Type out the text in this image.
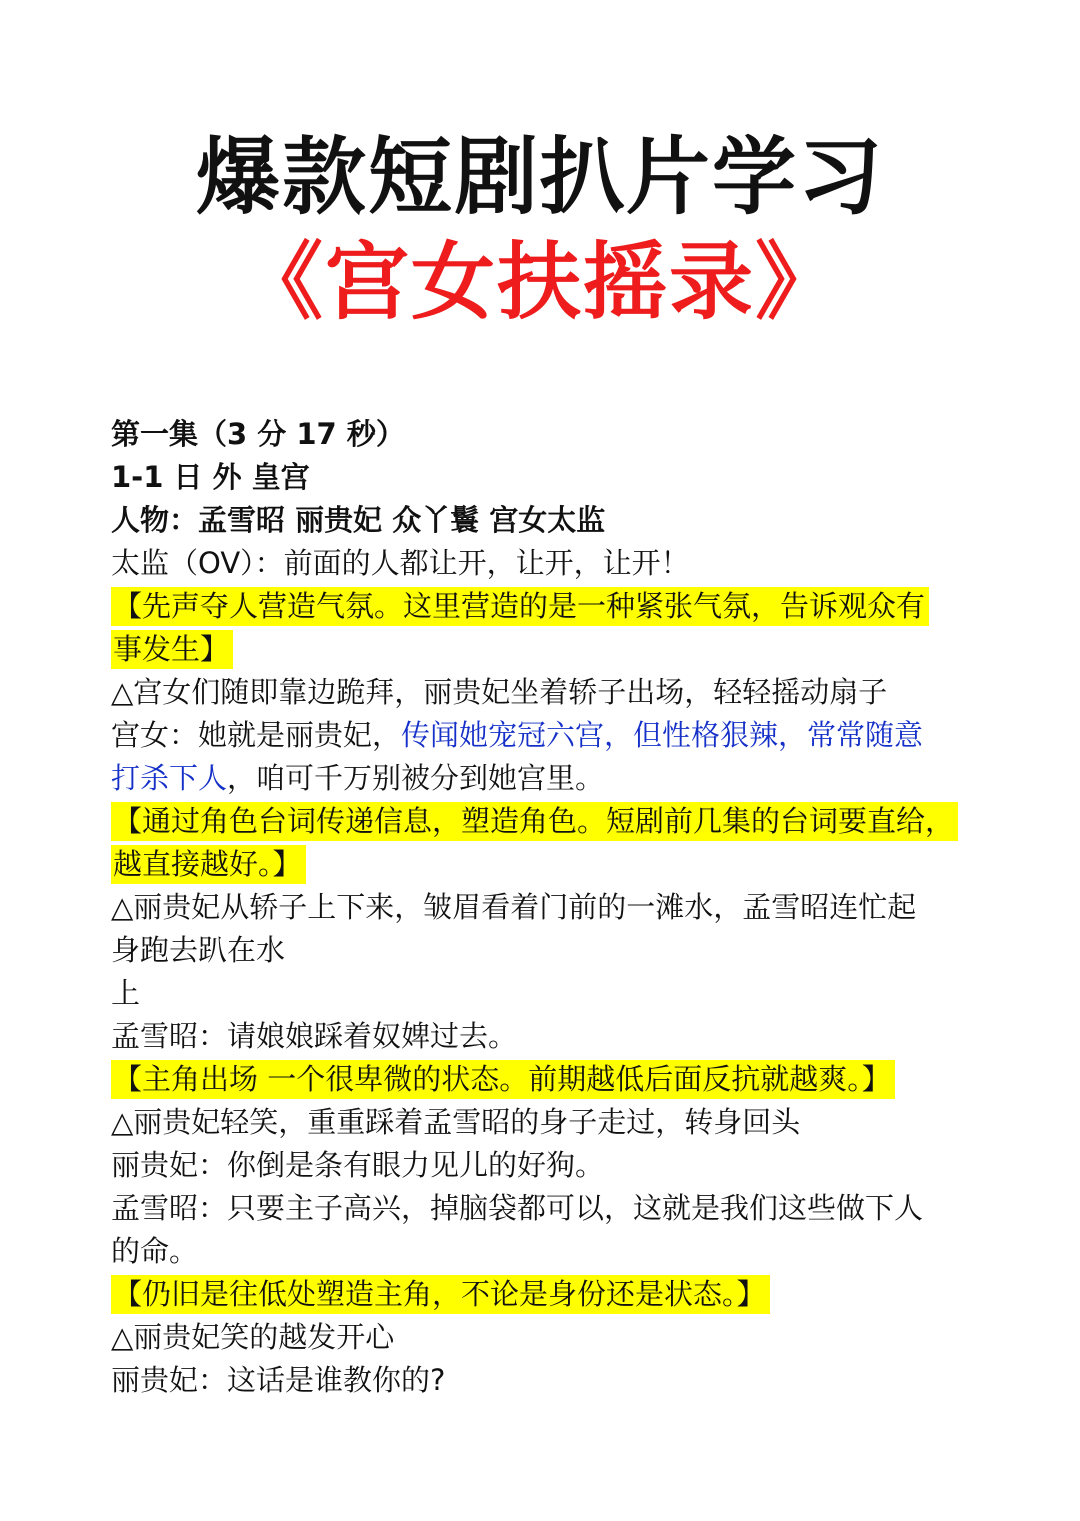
爆款短剧扒片学习
《宫女扶摇录》
第一集（3 分 17 秒）
1-1 日 外 皇宫
人物：孟雪昭 丽贵妃 众丫鬟 宫女太监
太监（OV）：前面的人都让开，让开，让开！
【先声夺人营造气氛。这里营造的是一种紧张气氛，告诉观众有
事发生】
△宫女们随即靠边跪拜，丽贵妃坐着轿子出场，轻轻摇动扇子
宫女：她就是丽贵妃，传闻她宠冠六宫，但性格狠辣，常常随意
打杀下人，咱可千万别被分到她宫里。
【通过角色台词传递信息，塑造角色。短剧前几集的台词要直给，
越直接越好。】
△丽贵妃从轿子上下来，皱眉看着门前的一滩水，孟雪昭连忙起
身跑去趴在水
上
孟雪昭：请娘娘踩着奴婢过去。
【主角出场 一个很卑微的状态。前期越低后面反抗就越爽。】
△丽贵妃轻笑，重重踩着孟雪昭的身子走过，转身回头
丽贵妃：你倒是条有眼力见儿的好狗。
孟雪昭：只要主子高兴，掉脑袋都可以，这就是我们这些做下人
的命。
【仍旧是往低处塑造主角，不论是身份还是状态。】
△丽贵妃笑的越发开心
丽贵妃：这话是谁教你的?
